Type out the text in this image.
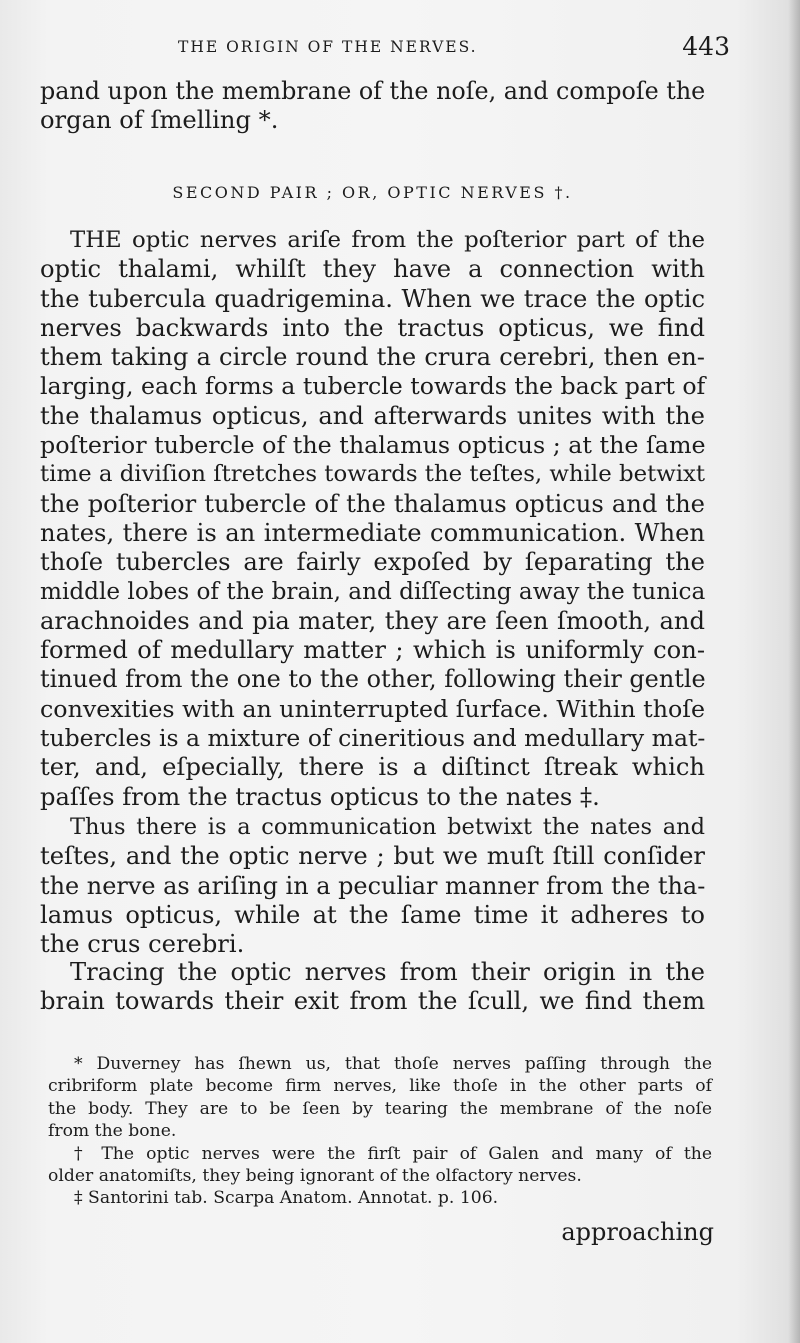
THE ORIGIN OF THE NERVES.	443
pand upon the membrane of the noſe, and compoſe the
organ of ſmelling *.
SECOND PAIR ; OR, OPTIC NERVES †.
THE optic nerves ariſe from the poſterior part of the
optic thalami, whilſt they have a connection with
the tubercula quadrigemina. When we trace the optic
nerves backwards into the tractus opticus, we find
them taking a circle round the crura cerebri, then en-
larging, each forms a tubercle towards the back part of
the thalamus opticus, and afterwards unites with the
poſterior tubercle of the thalamus opticus ; at the ſame
time a diviſion ſtretches towards the teſtes, while betwixt
the poſterior tubercle of the thalamus opticus and the
nates, there is an intermediate communication. When
thoſe tubercles are fairly expoſed by ſeparating the
middle lobes of the brain, and diſſecting away the tunica
arachnoides and pia mater, they are ſeen ſmooth, and
formed of medullary matter ; which is uniformly con-
tinued from the one to the other, following their gentle
convexities with an uninterrupted ſurface. Within thoſe
tubercles is a mixture of cineritious and medullary mat-
ter, and, eſpecially, there is a diſtinct ſtreak which
paſſes from the tractus opticus to the nates ‡.
Thus there is a communication betwixt the nates and
teſtes, and the optic nerve ; but we muſt ſtill conſider
the nerve as ariſing in a peculiar manner from the tha-
lamus opticus, while at the ſame time it adheres to
the crus cerebri.
Tracing the optic nerves from their origin in the
brain towards their exit from the ſcull, we find them
* Duverney has ſhewn us, that thoſe nerves paſſing through the
cribriform plate become firm nerves, like thoſe in the other parts of
the body. They are to be ſeen by tearing the membrane of the noſe
from the bone.
† The optic nerves were the firſt pair of Galen and many of the
older anatomiſts, they being ignorant of the olfactory nerves.
‡ Santorini tab. Scarpa Anatom. Annotat. p. 106.
approaching
